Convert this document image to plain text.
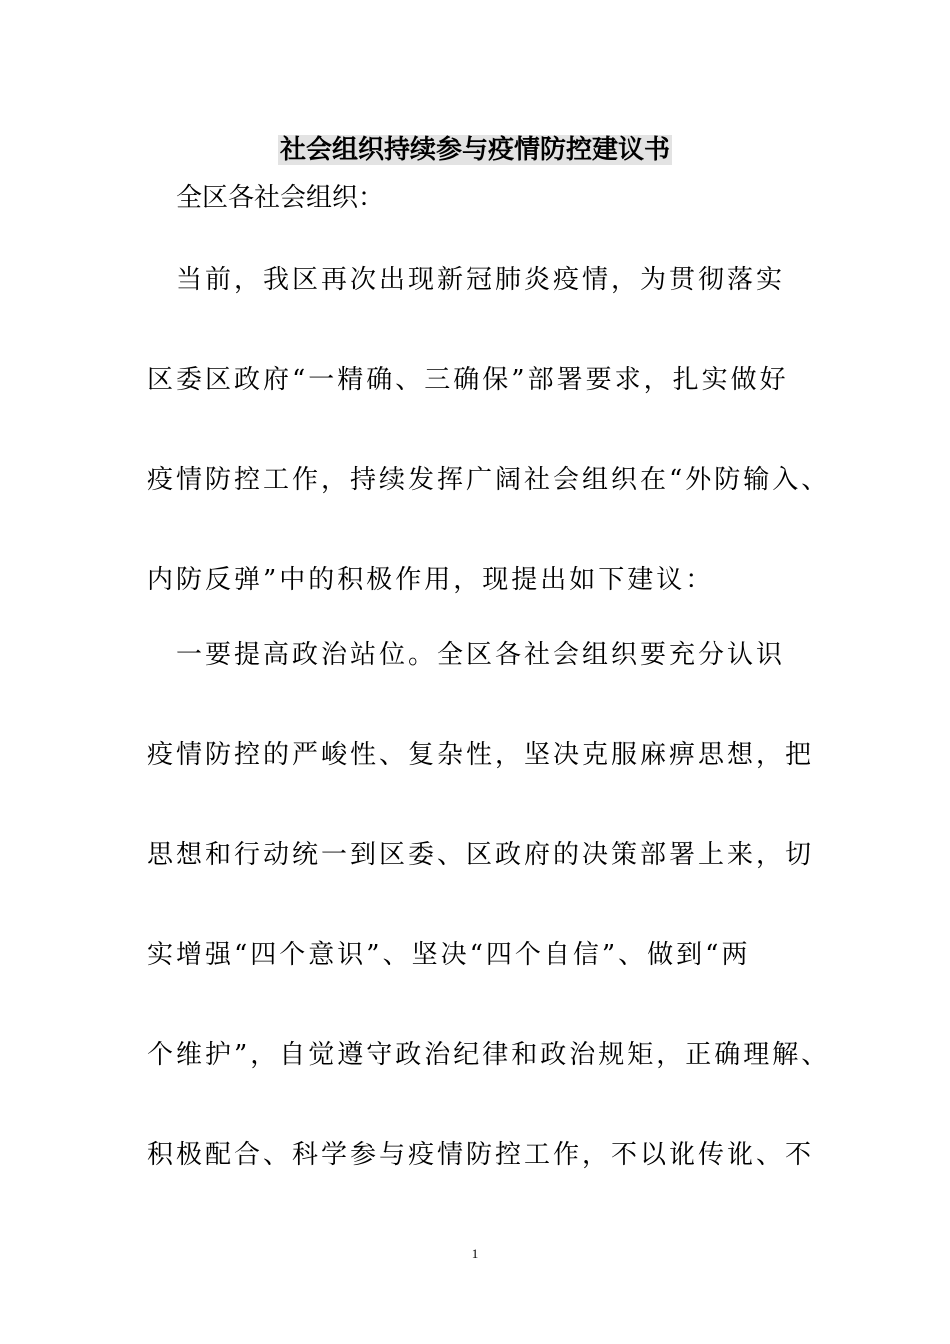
社会组织持续参与疫情防控建议书
全区各社会组织：
　当前，我区再次出现新冠肺炎疫情，为贯彻落实
区委区政府“一精确、三确保”部署要求，扎实做好
疫情防控工作，持续发挥广阔社会组织在“外防输入、
内防反弹”中的积极作用，现提出如下建议：
　一要提高政治站位。全区各社会组织要充分认识
疫情防控的严峻性、复杂性，坚决克服麻痹思想，把
思想和行动统一到区委、区政府的决策部署上来，切
实增强“四个意识”、坚决“四个自信”、做到“两
个维护”，自觉遵守政治纪律和政治规矩，正确理解、
积极配合、科学参与疫情防控工作，不以讹传讹、不
1
